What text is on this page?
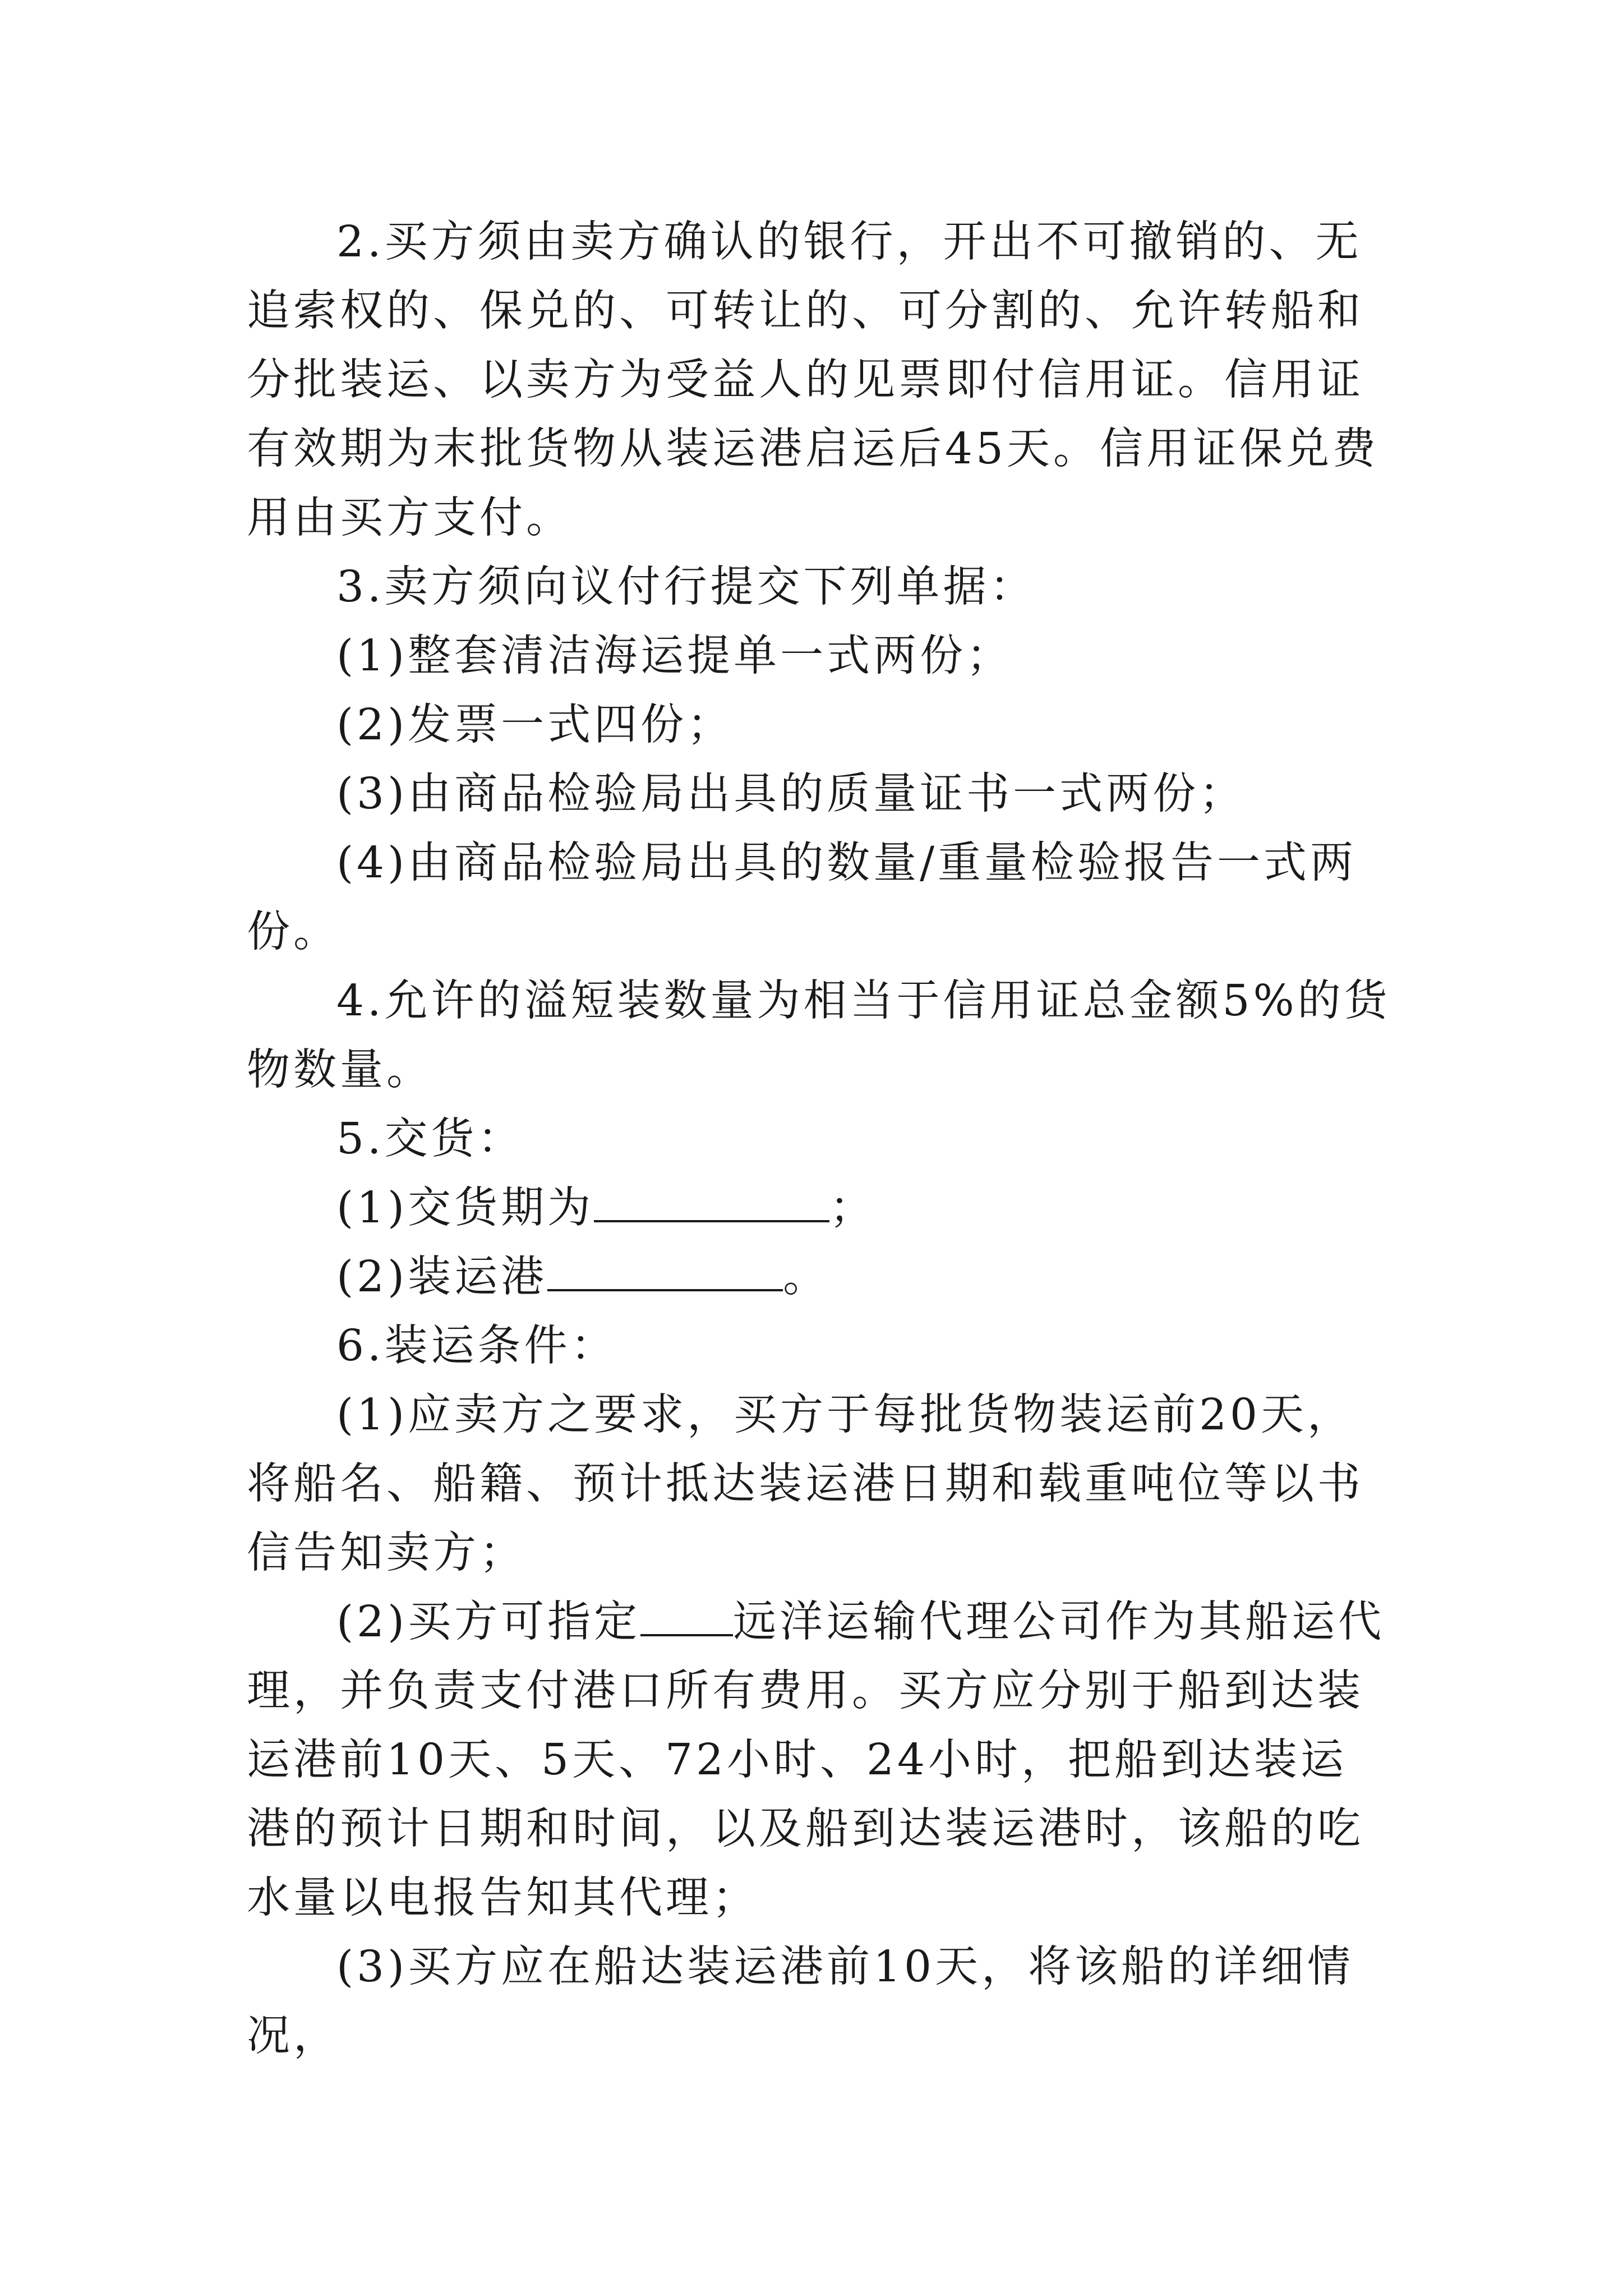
2.买方须由卖方确认的银行，开出不可撤销的、无追索权的、保兑的、可转让的、可分割的、允许转船和分批装运、以卖方为受益人的见票即付信用证。信用证有效期为末批货物从装运港启运后45天。信用证保兑费用由买方支付。

3.卖方须向议付行提交下列单据：

(1)整套清洁海运提单一式两份；

(2)发票一式四份；

(3)由商品检验局出具的质量证书一式两份；

(4)由商品检验局出具的数量/重量检验报告一式两份。

4.允许的溢短装数量为相当于信用证总金额5%的货物数量。

5.交货：

(1)交货期为	；

(2)装运港	。

6.装运条件：

(1)应卖方之要求，买方于每批货物装运前20天，将船名、船籍、预计抵达装运港日期和载重吨位等以书信告知卖方；

(2)买方可指定 远洋运输代理公司作为其船运代理，并负责支付港口所有费用。买方应分别于船到达装运港前10天、5天、72小时、24小时，把船到达装运港的预计日期和时间，以及船到达装运港时，该船的吃水量以电报告知其代理；

(3)买方应在船达装运港前10天，将该船的详细情况，
